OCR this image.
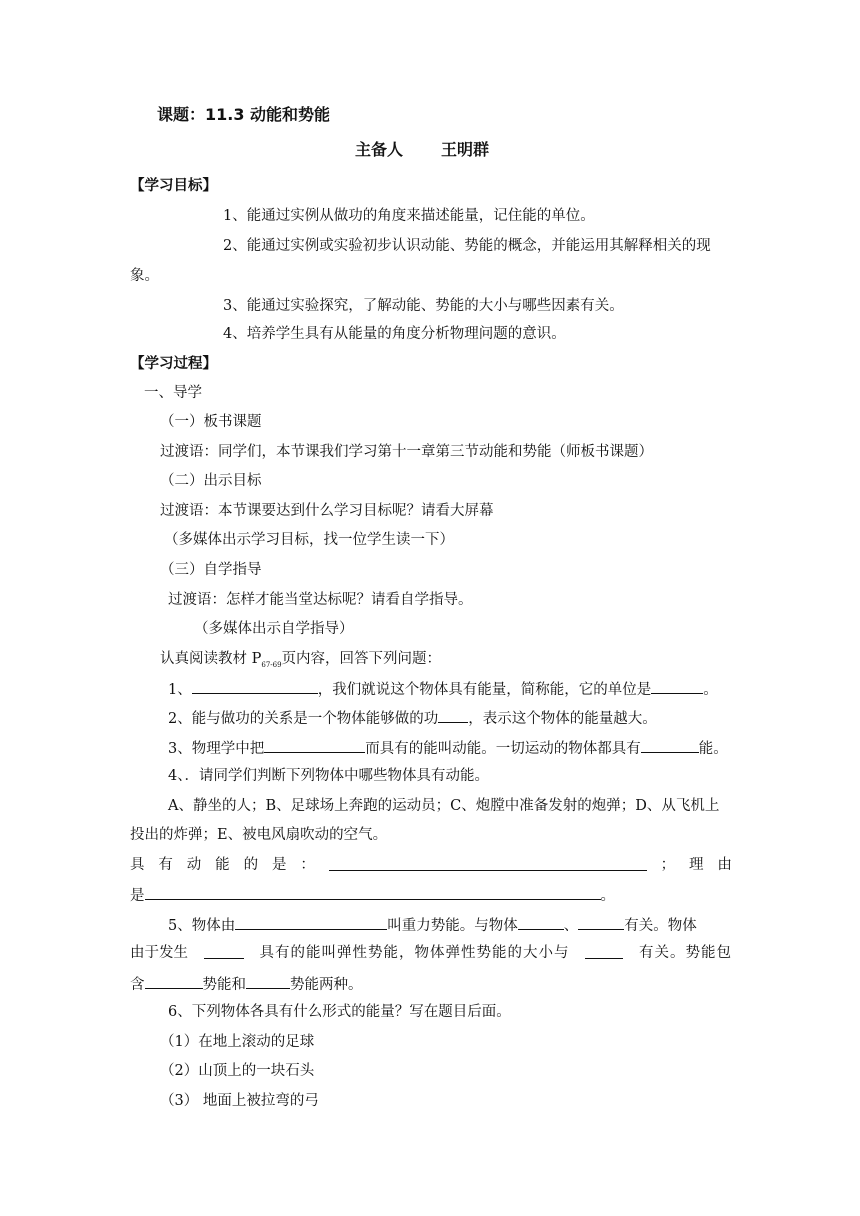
课题：11.3 动能和势能
主备人 王明群
【学习目标】
1、能通过实例从做功的角度来描述能量，记住能的单位。
2、能通过实例或实验初步认识动能、势能的概念，并能运用其解释相关的现
象。
3、能通过实验探究，了解动能、势能的大小与哪些因素有关。
4、培养学生具有从能量的角度分析物理问题的意识。
【学习过程】
一、导学
（一）板书课题
过渡语：同学们，本节课我们学习第十一章第三节动能和势能（师板书课题）
（二）出示目标
过渡语：本节课要达到什么学习目标呢？请看大屏幕
（多媒体出示学习目标，找一位学生读一下）
（三）自学指导
过渡语：怎样才能当堂达标呢？请看自学指导。
（多媒体出示自学指导）
认真阅读教材 $P_{67-69}$页内容，回答下列问题：
1、	，我们就说这个物体具有能量，简称能，它的单位是	。
2、能与做功的关系是一个物体能够做的功 ，表示这个物体的能量越大。
3、物理学中把	而具有的能叫动能。一切运动的物体都具有	能。
4、．请同学们判断下列物体中哪些物体具有动能。
A、静坐的人；B、足球场上奔跑的运动员；C、炮膛中准备发射的炮弹；D、从飞机上
投出的炸弹；E、被电风扇吹动的空气。
具 有 动 能 的 是 ：	； 理 由
是	。
5、物体由	叫重力势能。与物体	、	有关。物体
由于发生	具有的能叫弹性势能，物体弹性势能的大小与	有关。势能包
含	势能和	势能两种。
6、下列物体各具有什么形式的能量？写在题目后面。
（1）在地上滚动的足球
（2）山顶上的一块石头
（3） 地面上被拉弯的弓
